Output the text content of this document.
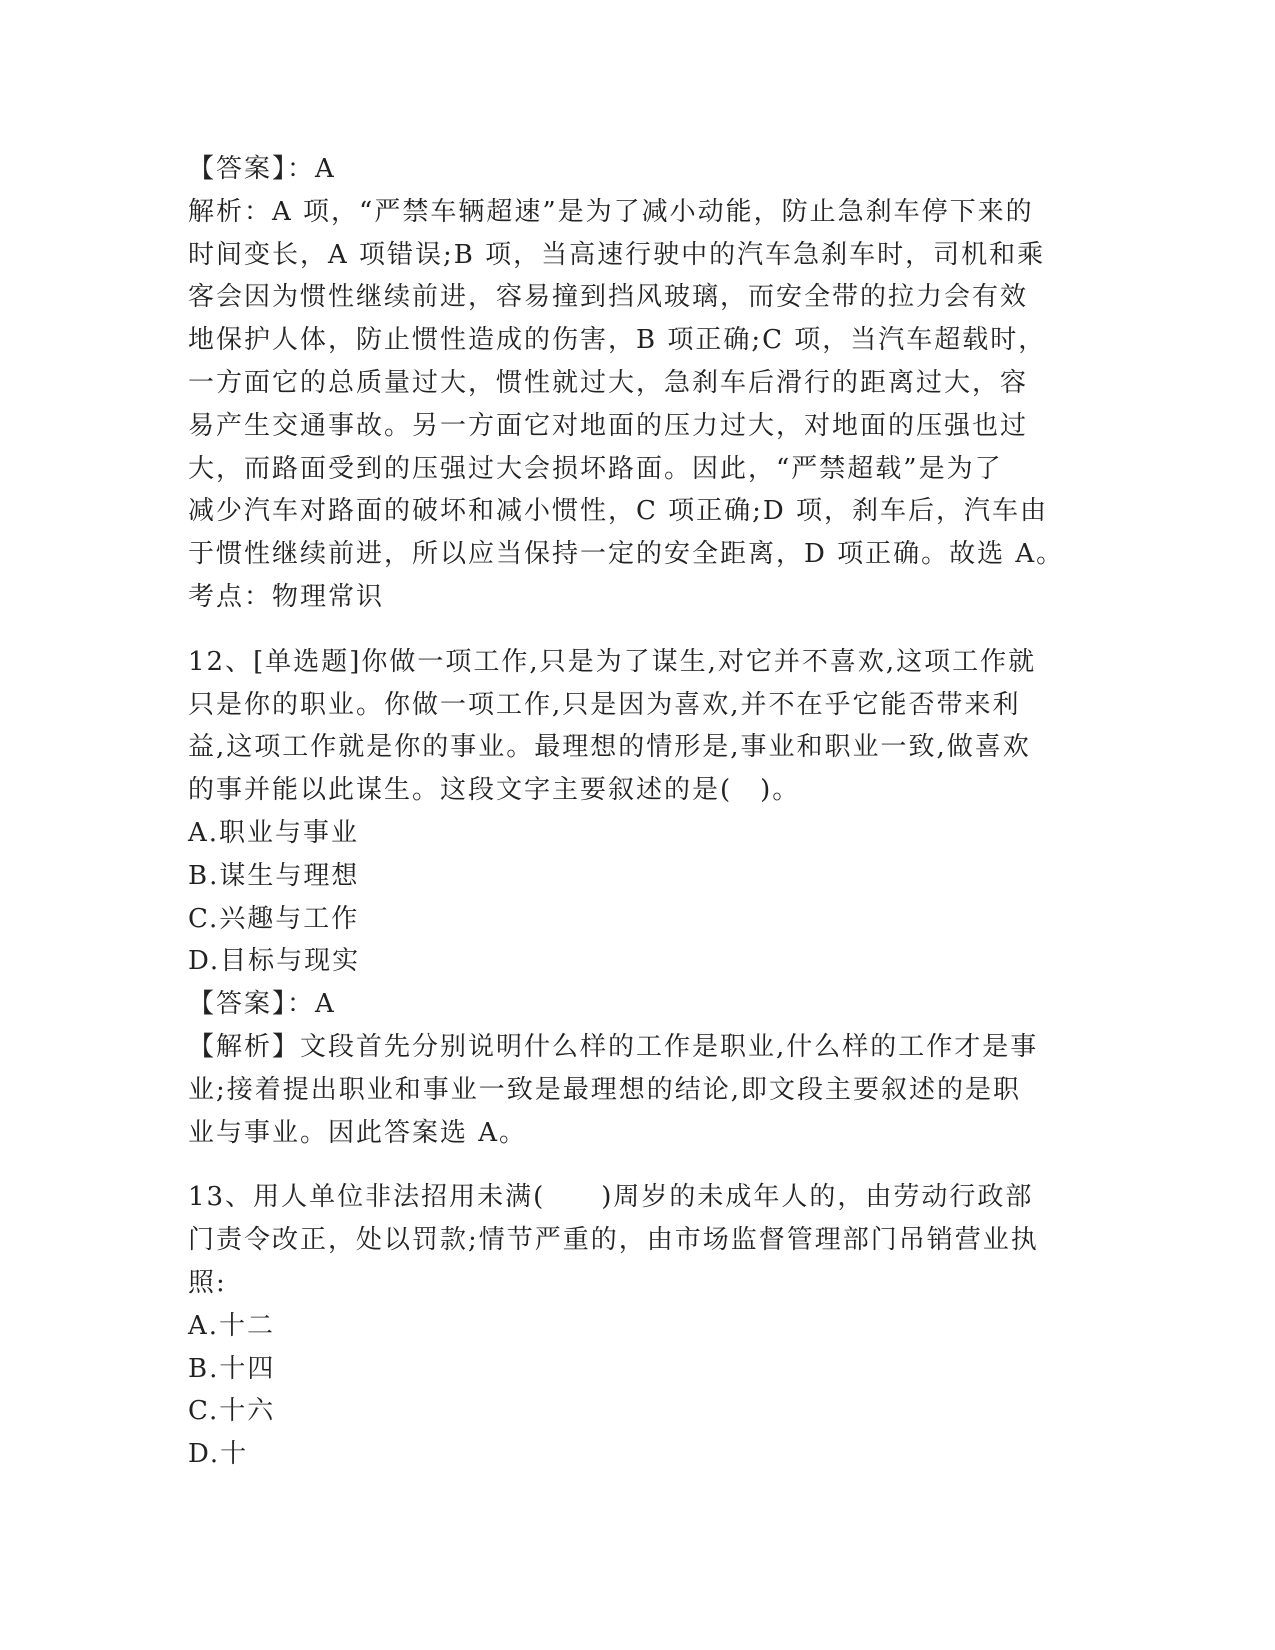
【答案】：A
解析：A 项，“严禁车辆超速”是为了减小动能，防止急刹车停下来的
时间变长，A 项错误;B 项，当高速行驶中的汽车急刹车时，司机和乘
客会因为惯性继续前进，容易撞到挡风玻璃，而安全带的拉力会有效
地保护人体，防止惯性造成的伤害，B 项正确;C 项，当汽车超载时，
一方面它的总质量过大，惯性就过大，急刹车后滑行的距离过大，容
易产生交通事故。另一方面它对地面的压力过大，对地面的压强也过
大，而路面受到的压强过大会损坏路面。因此，“严禁超载”是为了
减少汽车对路面的破坏和减小惯性，C 项正确;D 项，刹车后，汽车由
于惯性继续前进，所以应当保持一定的安全距离，D 项正确。故选 A。
考点：物理常识
12、[单选题]你做一项工作,只是为了谋生,对它并不喜欢,这项工作就
只是你的职业。你做一项工作,只是因为喜欢,并不在乎它能否带来利
益,这项工作就是你的事业。最理想的情形是,事业和职业一致,做喜欢
的事并能以此谋生。这段文字主要叙述的是(　)。
A.职业与事业
B.谋生与理想
C.兴趣与工作
D.目标与现实
【答案】：A
【解析】文段首先分别说明什么样的工作是职业,什么样的工作才是事
业;接着提出职业和事业一致是最理想的结论,即文段主要叙述的是职
业与事业。因此答案选 A。
13、用人单位非法招用未满(　　)周岁的未成年人的，由劳动行政部
门责令改正，处以罚款;情节严重的，由市场监督管理部门吊销营业执
照:
A.十二
B.十四
C.十六
D.十
